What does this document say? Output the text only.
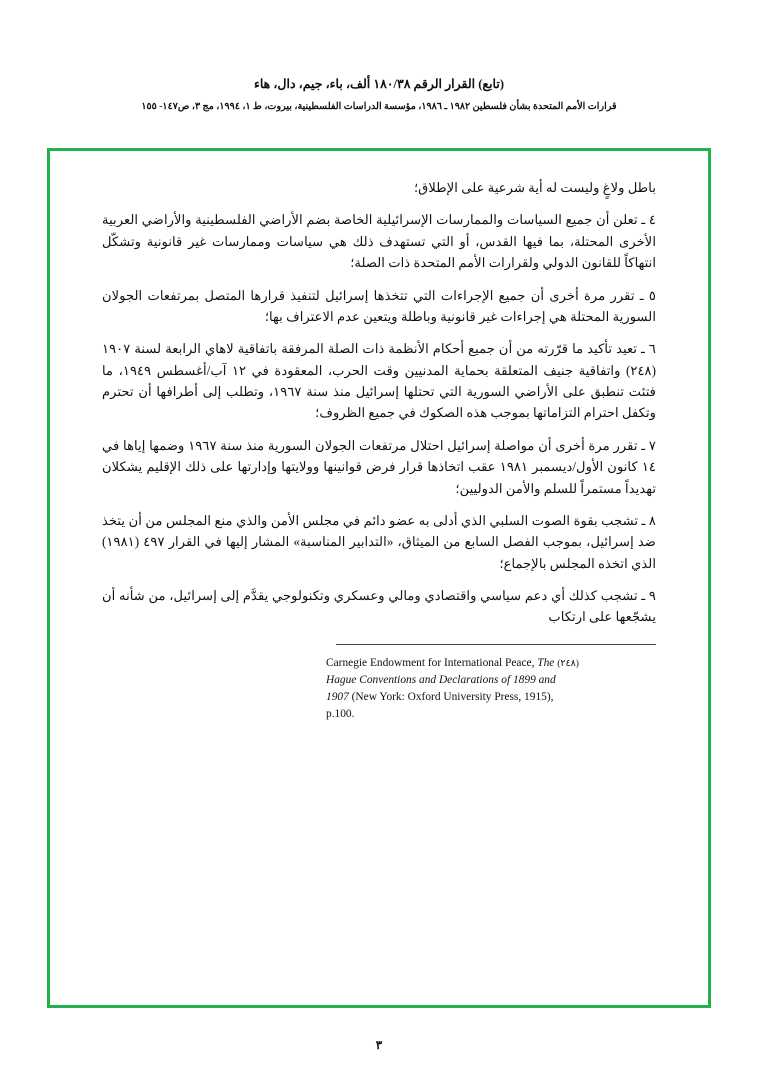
(تابع) القرار الرقم ١٨٠/٣٨ ألف، باء، جيم، دال، هاء
قرارات الأمم المتحدة بشأن فلسطين ١٩٨٢ ـ ١٩٨٦، مؤسسة الدراسات الفلسطينية، بيروت، ط ١، ١٩٩٤، مج ٣، ص١٤٧- ١٥٥

باطل ولاغٍ وليست له أية شرعية على الإطلاق؛

٤ ـ تعلن أن جميع السياسات والممارسات الإسرائيلية الخاصة بضم الأراضي الفلسطينية والأراضي العربية الأخرى المحتلة، بما فيها القدس، أو التي تستهدف ذلك هي سياسات وممارسات غير قانونية وتشكّل انتهاكاً للقانون الدولي ولقرارات الأمم المتحدة ذات الصلة؛

٥ ـ تقرر مرة أخرى أن جميع الإجراءات التي تتخذها إسرائيل لتنفيذ قرارها المتصل بمرتفعات الجولان السورية المحتلة هي إجراءات غير قانونية وباطلة ويتعين عدم الاعتراف بها؛

٦ ـ تعيد تأكيد ما قرّرته من أن جميع أحكام الأنظمة ذات الصلة المرفقة باتفاقية لاهاي الرابعة لسنة ١٩٠٧ (٢٤٨) واتفاقية جنيف المتعلقة بحماية المدنيين وقت الحرب، المعقودة في ١٢ آب/أغسطس ١٩٤٩، ما فتئت تنطبق على الأراضي السورية التي تحتلها إسرائيل منذ سنة ١٩٦٧، وتطلب إلى أطرافها أن تحترم وتكفل احترام التزاماتها بموجب هذه الصكوك في جميع الظروف؛

٧ ـ تقرر مرة أخرى أن مواصلة إسرائيل احتلال مرتفعات الجولان السورية منذ سنة ١٩٦٧ وضمها إياها في ١٤ كانون الأول/ديسمبر ١٩٨١ عقب اتخاذها قرار فرض قوانينها وولايتها وإدارتها على ذلك الإقليم يشكلان تهديداً مستمراً للسلم والأمن الدوليين؛

٨ ـ تشجب بقوة الصوت السلبي الذي أدلى به عضو دائم في مجلس الأمن والذي منع المجلس من أن يتخذ ضد إسرائيل، بموجب الفصل السابع من الميثاق، «التدابير المناسبة» المشار إليها في القرار ٤٩٧ (١٩٨١) الذي اتخذه المجلس بالإجماع؛

٩ ـ تشجب كذلك أي دعم سياسي واقتصادي ومالي وعسكري وتكنولوجي يقدَّم إلى إسرائيل، من شأنه أن يشجّعها على ارتكاب

Carnegie Endowment for International Peace, The (٢٤٨)
Hague Conventions and Declarations of 1899 and
1907 (New York: Oxford University Press, 1915),
p.100.
٣
